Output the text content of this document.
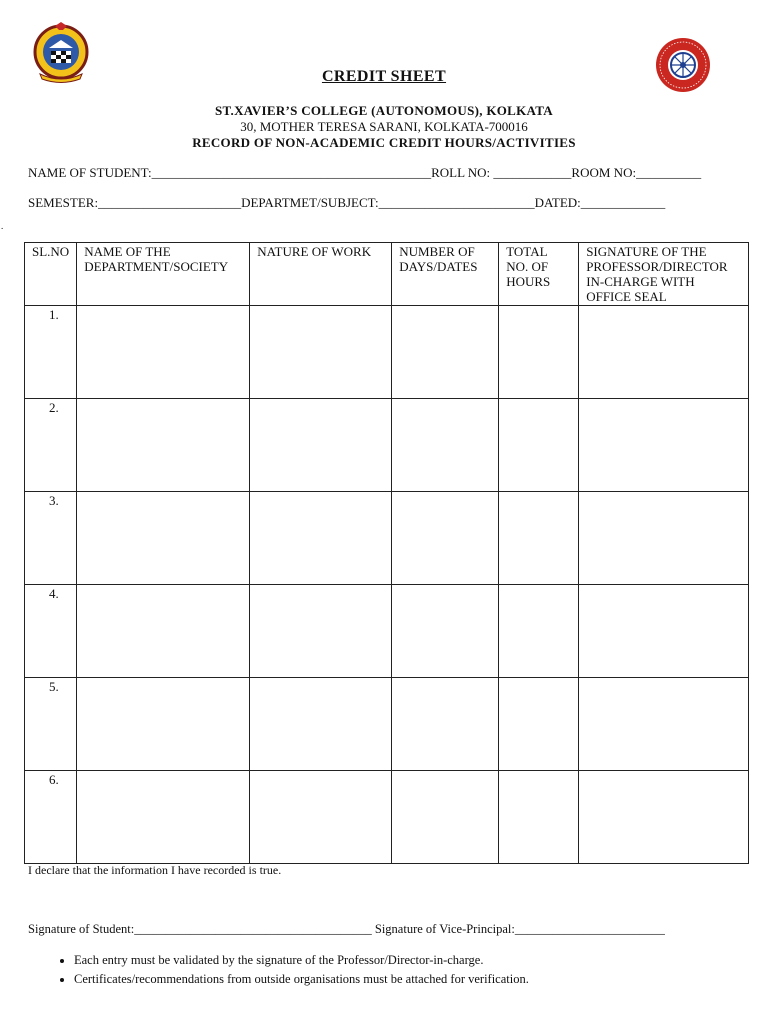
CREDIT SHEET
ST.XAVIER’S COLLEGE (AUTONOMOUS), KOLKATA
30, MOTHER TERESA SARANI, KOLKATA-700016
RECORD OF NON-ACADEMIC CREDIT HOURS/ACTIVITIES
NAME OF STUDENT:___________________________________________ROLL NO: ____________ROOM NO:__________
SEMESTER:______________________DEPARTMET/SUBJECT:________________________DATED:_____________
.
SL.NO	NAME OF THE DEPARTMENT/SOCIETY	NATURE OF WORK	NUMBER OF DAYS/DATES	TOTAL NO. OF HOURS	SIGNATURE OF THE PROFESSOR/DIRECTOR IN-CHARGE WITH OFFICE SEAL
1.					
2.					
3.					
4.					
5.					
6.					
I declare that the information I have recorded is true.
Signature of Student:______________________________________ Signature of Vice-Principal:________________________
• Each entry must be validated by the signature of the Professor/Director-in-charge.
• Certificates/recommendations from outside organisations must be attached for verification.
